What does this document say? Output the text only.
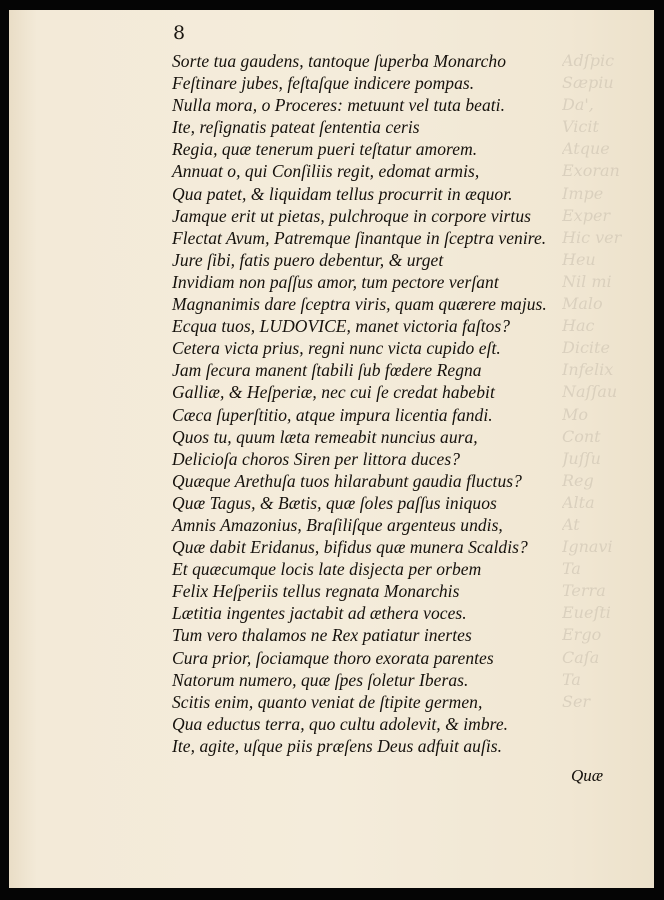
Adſpic
Sæpiu
Da',
Vicit
Atque
Exoran
Impe
Exper
Hic ver
Heu
Nil mi
Malo
Hac
Dicite
Infelix
Naſſau
Mo
Cont
Juſſu
Reg
Alta
At
Ignavi
Ta
Terra
Eueſti
Ergo
Caſa
Ta
Ser
8
Sorte tua gaudens, tantoque ſuperba Monarcho
Feſtinare jubes, feſtaſque indicere pompas.
Nulla mora, o Proceres: metuunt vel tuta beati.
Ite, reſignatis pateat ſententia ceris
Regia, quæ tenerum pueri teſtatur amorem.
Annuat o, qui Conſiliis regit, edomat armis,
Qua patet, & liquidam tellus procurrit in æquor.
Jamque erit ut pietas, pulchroque in corpore virtus
Flectat Avum, Patremque ſinantque in ſceptra venire.
Jure ſibi, fatis puero debentur, & urget
Invidiam non paſſus amor, tum pectore verſant
Magnanimis dare ſceptra viris, quam quærere majus.
Ecqua tuos, LUDOVICE, manet victoria faſtos?
Cetera victa prius, regni nunc victa cupido eſt.
Jam ſecura manent ſtabili ſub fœdere Regna
Galliæ, & Heſperiæ, nec cui ſe credat habebit
Cæca ſuperſtitio, atque impura licentia fandi.
Quos tu, quum læta remeabit nuncius aura,
Delicioſa choros Siren per littora duces?
Quæque Arethuſa tuos hilarabunt gaudia fluctus?
Quæ Tagus, & Bætis, quæ ſoles paſſus iniquos
Amnis Amazonius, Braſiliſque argenteus undis,
Quæ dabit Eridanus, bifidus quæ munera Scaldis?
Et quæcumque locis late disjecta per orbem
Felix Heſperiis tellus regnata Monarchis
Lætitia ingentes jactabit ad æthera voces.
Tum vero thalamos ne Rex patiatur inertes
Cura prior, ſociamque thoro exorata parentes
Natorum numero, quæ ſpes ſoletur Iberas.
Scitis enim, quanto veniat de ſtipite germen,
Qua eductus terra, quo cultu adolevit, & imbre.
Ite, agite, uſque piis præſens Deus adfuit auſis.
Quæ
